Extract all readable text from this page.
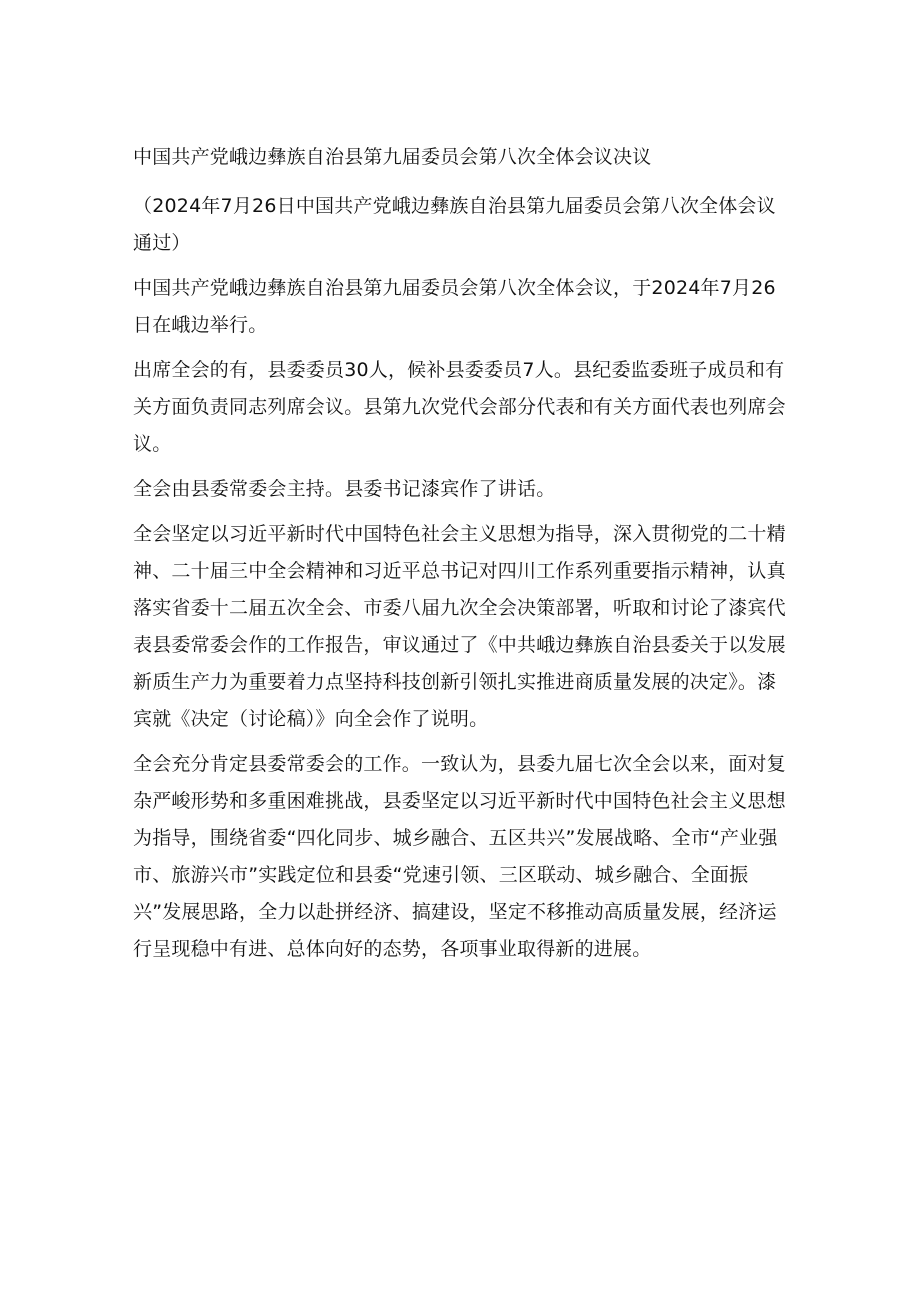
中国共产党峨边彝族自治县第九届委员会第八次全体会议决议

（2024年7月26日中国共产党峨边彝族自治县第九届委员会第八次全体会议通过）

中国共产党峨边彝族自治县第九届委员会第八次全体会议，于2024年7月26日在峨边举行。

出席全会的有，县委委员30人，候补县委委员7人。县纪委监委班子成员和有关方面负责同志列席会议。县第九次党代会部分代表和有关方面代表也列席会议。

全会由县委常委会主持。县委书记漆宾作了讲话。

全会坚定以习近平新时代中国特色社会主义思想为指导，深入贯彻党的二十精神、二十届三中全会精神和习近平总书记对四川工作系列重要指示精神，认真落实省委十二届五次全会、市委八届九次全会决策部署，听取和讨论了漆宾代表县委常委会作的工作报告，审议通过了《中共峨边彝族自治县委关于以发展新质生产力为重要着力点坚持科技创新引领扎实推进商质量发展的决定》。漆宾就《决定（讨论稿）》向全会作了说明。

全会充分肯定县委常委会的工作。一致认为，县委九届七次全会以来，面对复杂严峻形势和多重困难挑战，县委坚定以习近平新时代中国特色社会主义思想为指导，围绕省委“四化同步、城乡融合、五区共兴”发展战略、全市“产业强市、旅游兴市”实践定位和县委“党速引领、三区联动、城乡融合、全面振兴”发展思路，全力以赴拼经济、搞建设，坚定不移推动高质量发展，经济运行呈现稳中有进、总体向好的态势，各项事业取得新的进展。
